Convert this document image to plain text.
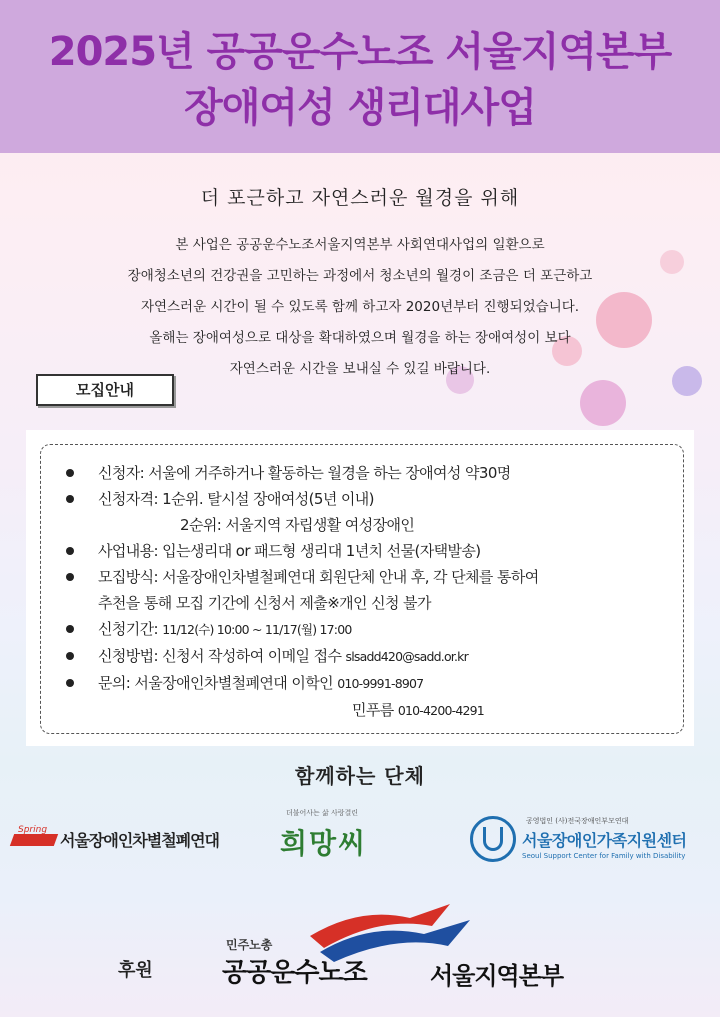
2025년 공공운수노조 서울지역본부
장애여성 생리대사업
더 포근하고 자연스러운 월경을 위해
본 사업은 공공운수노조서울지역본부 사회연대사업의 일환으로
장애청소년의 건강권을 고민하는 과정에서 청소년의 월경이 조금은 더 포근하고
자연스러운 시간이 될 수 있도록 함께 하고자 2020년부터 진행되었습니다.
올해는 장애여성으로 대상을 확대하였으며 월경을 하는 장애여성이 보다
자연스러운 시간을 보내실 수 있길 바랍니다.
모집안내
신청자: 서울에 거주하거나 활동하는 월경을 하는 장애여성 약30명
신청자격: 1순위. 탈시설 장애여성(5년 이내)
2순위: 서울지역 자립생활 여성장애인
사업내용: 입는생리대 or 패드형 생리대 1년치 선물(자택발송)
모집방식: 서울장애인차별철폐연대 회원단체 안내 후, 각 단체를 통하여
추천을 통해 모집 기간에 신청서 제출※개인 신청 불가
신청기간: 11/12(수) 10:00 ~ 11/17(월) 17:00
신청방법: 신청서 작성하여 이메일 접수 slsadd420@sadd.or.kr
문의: 서울장애인차별철폐연대 이학인 010-9991-8907
민푸름 010-4200-4291
함께하는 단체
Spring
서울장애인차별철폐연대
더불어사는 삶 사랑결린
희망씨
공영법인 (사)전국장애인부모연대
서울장애인가족지원센터
Seoul Support Center for Family with Disability
후원
민주노총
공공운수노조	서울지역본부
